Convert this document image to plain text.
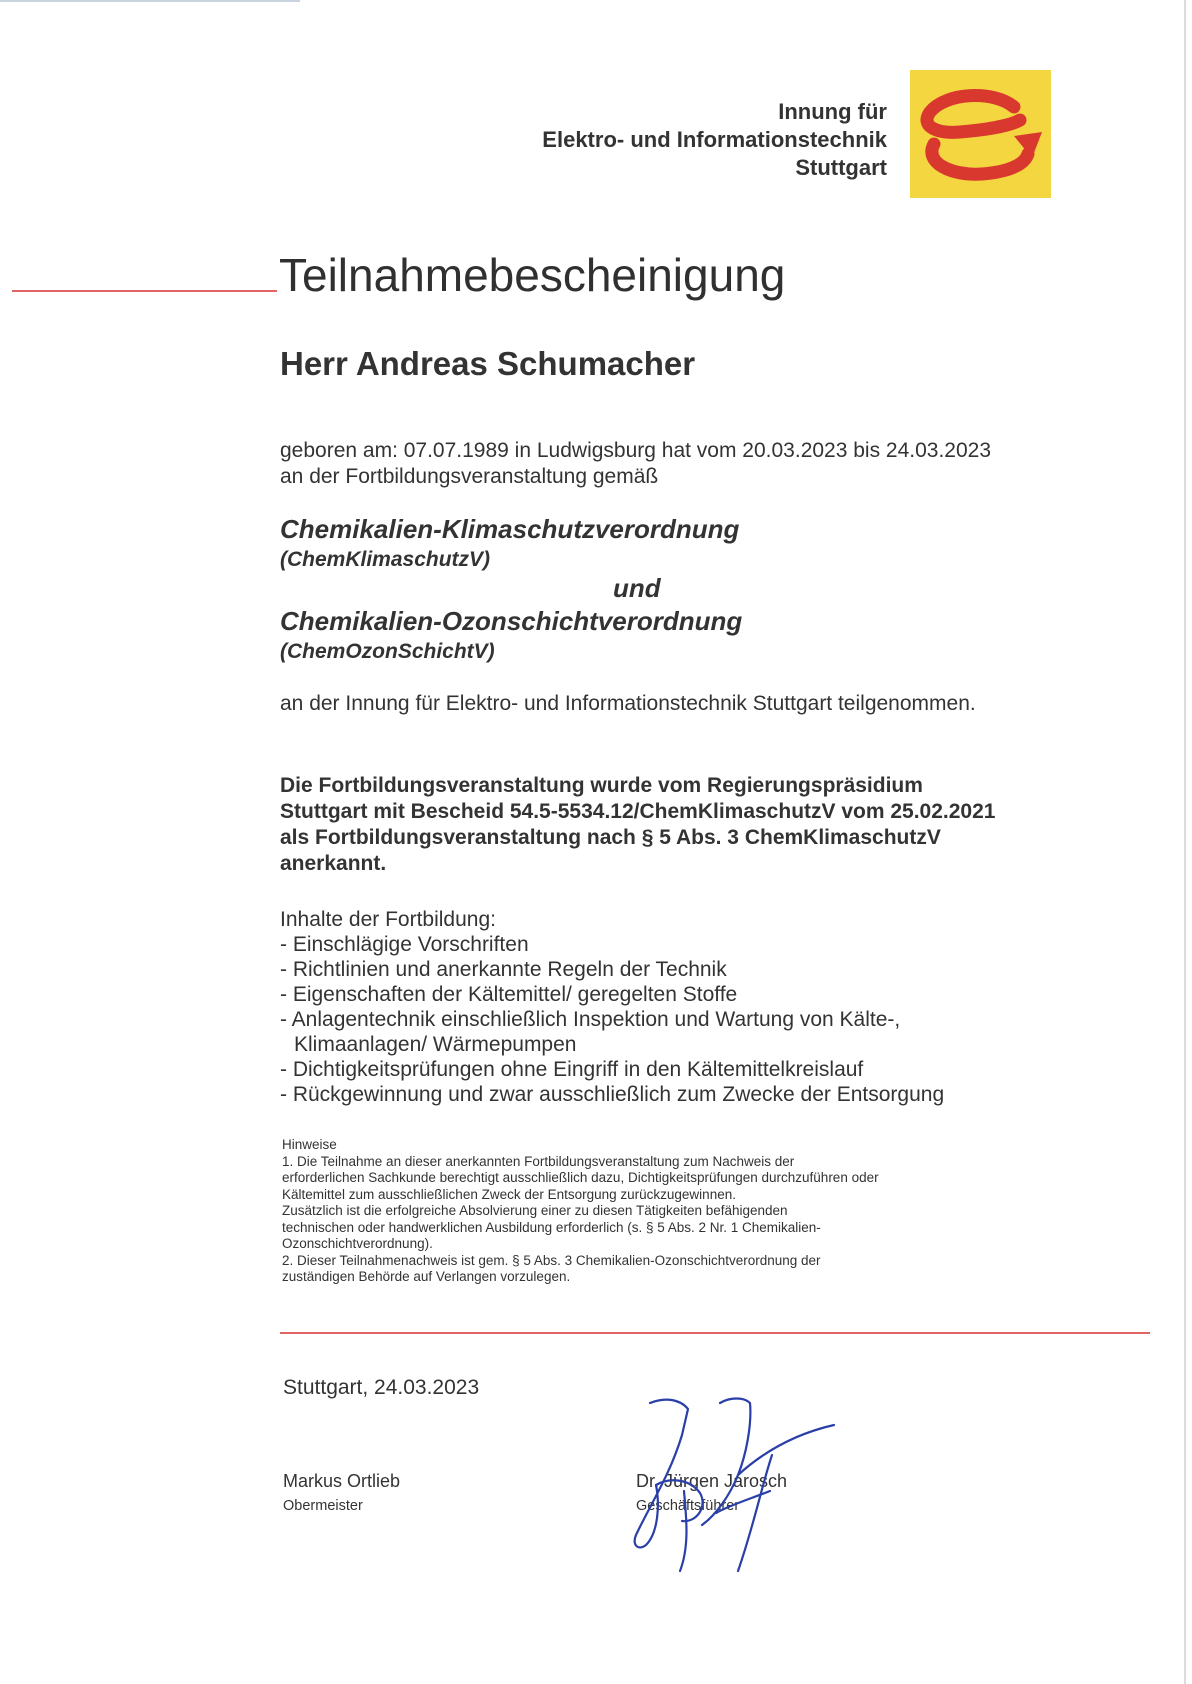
Innung für
Elektro- und Informationstechnik
Stuttgart
Teilnahmebescheinigung
Herr Andreas Schumacher
geboren am: 07.07.1989 in Ludwigsburg hat vom 20.03.2023 bis 24.03.2023 an der Fortbildungsveranstaltung gemäß
Chemikalien-Klimaschutzverordnung
(ChemKlimaschutzV)
und
Chemikalien-Ozonschichtverordnung
(ChemOzonSchichtV)
an der Innung für Elektro- und Informationstechnik Stuttgart teilgenommen.
Die Fortbildungsveranstaltung wurde vom Regierungspräsidium Stuttgart mit Bescheid 54.5-5534.12/ChemKlimaschutzV vom 25.02.2021 als Fortbildungsveranstaltung nach § 5 Abs. 3 ChemKlimaschutzV anerkannt.
Inhalte der Fortbildung:
- Einschlägige Vorschriften
- Richtlinien und anerkannte Regeln der Technik
- Eigenschaften der Kältemittel/ geregelten Stoffe
- Anlagentechnik einschließlich Inspektion und Wartung von Kälte-,
Klimaanlagen/ Wärmepumpen
- Dichtigkeitsprüfungen ohne Eingriff in den Kältemittelkreislauf
- Rückgewinnung und zwar ausschließlich zum Zwecke der Entsorgung
Hinweise
1. Die Teilnahme an dieser anerkannten Fortbildungsveranstaltung zum Nachweis der
erforderlichen Sachkunde berechtigt ausschließlich dazu, Dichtigkeitsprüfungen durchzuführen oder
Kältemittel zum ausschließlichen Zweck der Entsorgung zurückzugewinnen.
Zusätzlich ist die erfolgreiche Absolvierung einer zu diesen Tätigkeiten befähigenden
technischen oder handwerklichen Ausbildung erforderlich (s. § 5 Abs. 2 Nr. 1 Chemikalien-
Ozonschichtverordnung).
2. Dieser Teilnahmenachweis ist gem. § 5 Abs. 3 Chemikalien-Ozonschichtverordnung der
zuständigen Behörde auf Verlangen vorzulegen.
Stuttgart, 24.03.2023
Markus Ortlieb
Obermeister
Dr. Jürgen Jarosch
Geschäftsführer
